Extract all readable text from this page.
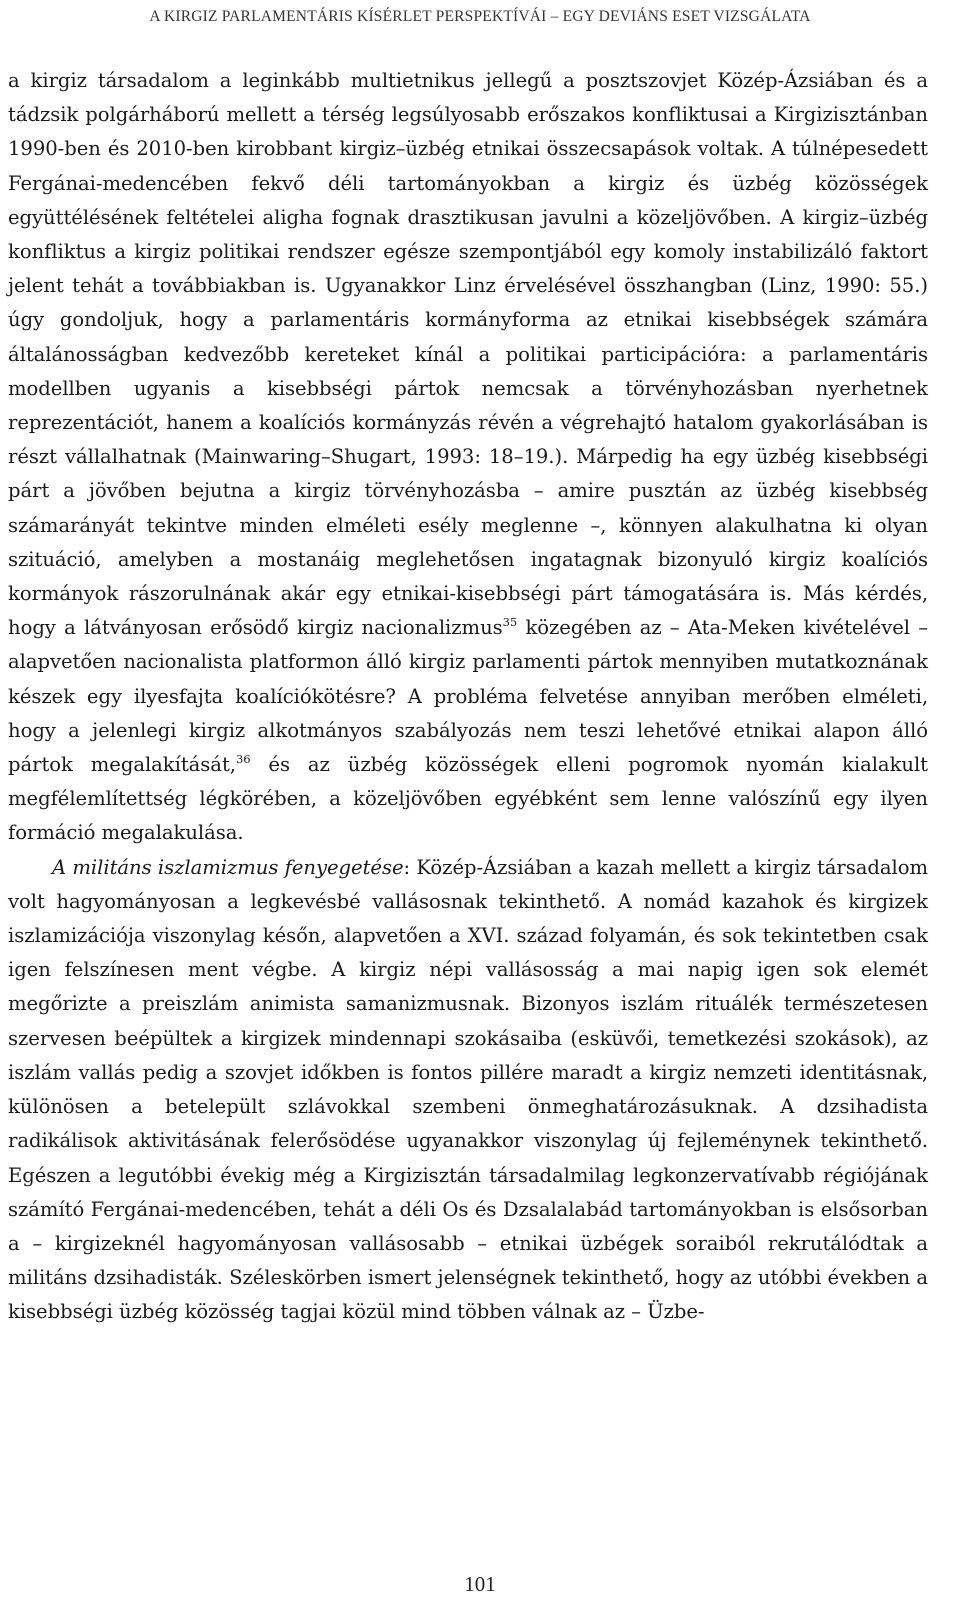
A KIRGIZ PARLAMENTÁRIS KÍSÉRLET PERSPEKTÍVÁI – EGY DEVIÁNS ESET VIZSGÁLATA

a kirgiz társadalom a leginkább multietnikus jellegű a posztszovjet Közép-Ázsiában és a tádzsik polgárháború mellett a térség legsúlyosabb erőszakos konfliktusai a Kirgizisztánban 1990-ben és 2010-ben kirobbant kirgiz–üzbég etnikai összecsapások voltak. A túlnépesedett Fergánai-medencében fekvő déli tartományokban a kirgiz és üzbég közösségek együttélésének feltételei aligha fognak drasztikusan javulni a közeljövőben. A kirgiz–üzbég konfliktus a kirgiz politikai rendszer egésze szempontjából egy komoly instabilizáló faktort jelent tehát a továbbiakban is. Ugyanakkor Linz érvelésével összhangban (Linz, 1990: 55.) úgy gondoljuk, hogy a parlamentáris kormányforma az etnikai kisebbségek számára általánosságban kedvezőbb kereteket kínál a politikai participációra: a parlamentáris modellben ugyanis a kisebbségi pártok nemcsak a törvényhozásban nyerhetnek reprezentációt, hanem a koalíciós kormányzás révén a végrehajtó hatalom gyakorlásában is részt vállalhatnak (Mainwaring–Shugart, 1993: 18–19.). Márpedig ha egy üzbég kisebbségi párt a jövőben bejutna a kirgiz törvényhozásba – amire pusztán az üzbég kisebbség számarányát tekintve minden elméleti esély meglenne –, könnyen alakulhatna ki olyan szituáció, amelyben a mostanáig meglehetősen ingatagnak bizonyuló kirgiz koalíciós kormányok rászorulnának akár egy etnikai-kisebbségi párt támogatására is. Más kérdés, hogy a látványosan erősödő kirgiz nacionalizmus$^{35}$ közegében az – Ata-Meken kivételével – alapvetően nacionalista platformon álló kirgiz parlamenti pártok mennyiben mutatkoznának készek egy ilyesfajta koalíciókötésre? A probléma felvetése annyiban merőben elméleti, hogy a jelenlegi kirgiz alkotmányos szabályozás nem teszi lehetővé etnikai alapon álló pártok megalakítását,$^{36}$ és az üzbég közösségek elleni pogromok nyomán kialakult megfélemlítettség légkörében, a közeljövőben egyébként sem lenne valószínű egy ilyen formáció megalakulása.

A militáns iszlamizmus fenyegetése: Közép-Ázsiában a kazah mellett a kirgiz társadalom volt hagyományosan a legkevésbé vallásosnak tekinthető. A nomád kazahok és kirgizek iszlamizációja viszonylag későn, alapvetően a XVI. század folyamán, és sok tekintetben csak igen felszínesen ment végbe. A kirgiz népi vallásosság a mai napig igen sok elemét megőrizte a preiszlám animista samanizmusnak. Bizonyos iszlám rituálék természetesen szervesen beépültek a kirgizek mindennapi szokásaiba (esküvői, temetkezési szokások), az iszlám vallás pedig a szovjet időkben is fontos pillére maradt a kirgiz nemzeti identitásnak, különösen a betelepült szlávokkal szembeni önmeghatározásuknak. A dzsihadista radikálisok aktivitásának felerősödése ugyanakkor viszonylag új fejleménynek tekinthető. Egészen a legutóbbi évekig még a Kirgizisztán társadalmilag legkonzervatívabb régiójának számító Fergánai-medencében, tehát a déli Os és Dzsalalabád tartományokban is elsősorban a – kirgizeknél hagyományosan vallásosabb – etnikai üzbégek soraiból rekrutálódtak a militáns dzsihadisták. Széleskörben ismert jelenségnek tekinthető, hogy az utóbbi években a kisebbségi üzbég közösség tagjai közül mind többen válnak az – Üzbe-

101
